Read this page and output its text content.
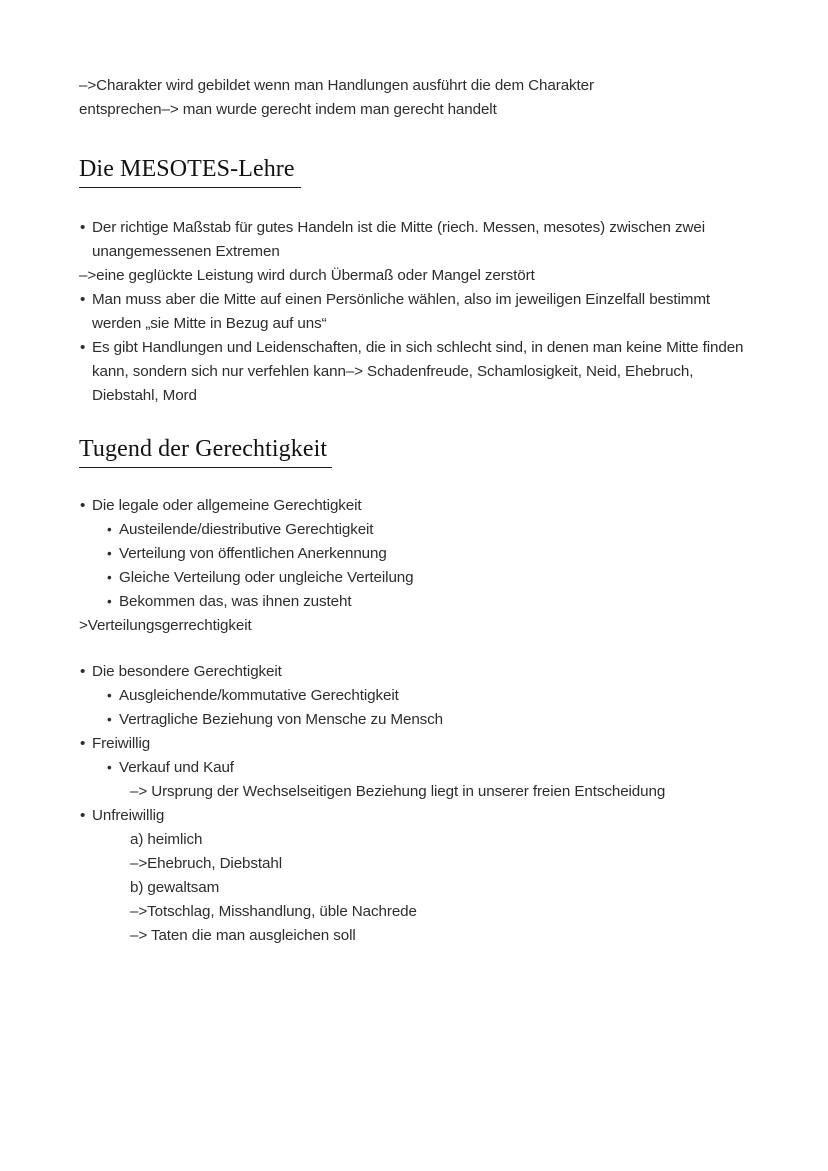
–>Charakter wird gebildet wenn man Handlungen ausführt die dem Charakter
entsprechen–> man wurde gerecht indem man gerecht handelt

Die MESOTES-Lehre
• Der richtige Maßstab für gutes Handeln ist die Mitte (riech. Messen, mesotes) zwischen zwei unangemessenen Extremen
–>eine geglückte Leistung wird durch Übermaß oder Mangel zerstört
• Man muss aber die Mitte auf einen Persönliche wählen, also im jeweiligen Einzelfall bestimmt werden „sie Mitte in Bezug auf uns“
• Es gibt Handlungen und Leidenschaften, die in sich schlecht sind, in denen man keine Mitte finden kann, sondern sich nur verfehlen kann–> Schadenfreude, Schamlosigkeit, Neid, Ehebruch, Diebstahl, Mord
Tugend der Gerechtigkeit
• Die legale oder allgemeine Gerechtigkeit
• Austeilende/diestributive Gerechtigkeit
• Verteilung von öffentlichen Anerkennung
• Gleiche Verteilung oder ungleiche Verteilung
• Bekommen das, was ihnen zusteht
>Verteilungsgerrechtigkeit
• Die besondere Gerechtigkeit
• Ausgleichende/kommutative Gerechtigkeit
• Vertragliche Beziehung von Mensche zu Mensch
• Freiwillig
• Verkauf und Kauf
–> Ursprung der Wechselseitigen Beziehung liegt in unserer freien Entscheidung
• Unfreiwillig
a) heimlich
–>Ehebruch, Diebstahl
b) gewaltsam
–>Totschlag, Misshandlung, üble Nachrede
–> Taten die man ausgleichen soll
